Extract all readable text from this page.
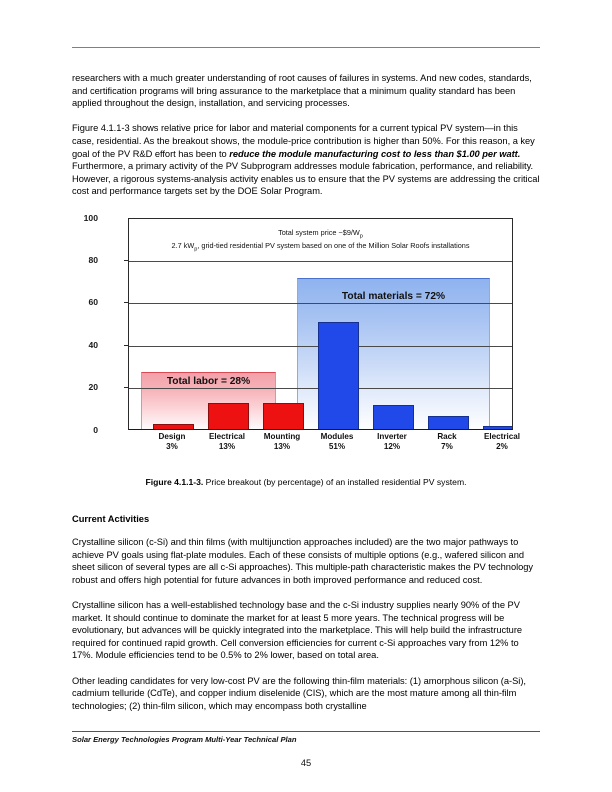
researchers with a much greater understanding of root causes of failures in systems. And new codes, standards, and certification programs will bring assurance to the marketplace that a minimum quality standard has been applied throughout the design, installation, and servicing processes.

Figure 4.1.1-3 shows relative price for labor and material components for a current typical PV system—in this case, residential. As the breakout shows, the module-price contribution is higher than 50%. For this reason, a key goal of the PV R&D effort has been to reduce the module manufacturing cost to less than $1.00 per watt. Furthermore, a primary activity of the PV Subprogram addresses module fabrication, performance, and reliability. However, a rigorous systems-analysis activity enables us to ensure that the PV systems are addressing the critical cost and performance targets set by the DOE Solar Program.

100
80
60
40
20
0
Total labor = 28%
Total materials = 72%
Total system price $\sim\$9/W_p$
2.7 $kW_p$, grid-tied residential PV system based on one of the Million Solar Roofs installations
Design
3%
Electrical
13%
Mounting
13%
Modules
51%
Inverter
12%
Rack
7%
Electrical
2%
Figure 4.1.1-3. Price breakout (by percentage) of an installed residential PV system.
Current Activities

Crystalline silicon (c-Si) and thin films (with multijunction approaches included) are the two major pathways to achieve PV goals using flat-plate modules. Each of these consists of multiple options (e.g., wafered silicon and sheet silicon of several types are all c-Si approaches). This multiple-path characteristic makes the PV technology robust and offers high potential for future advances in both improved performance and reduced cost.

Crystalline silicon has a well-established technology base and the c-Si industry supplies nearly 90% of the PV market. It should continue to dominate the market for at least 5 more years. The technical progress will be evolutionary, but advances will be quickly integrated into the marketplace. This will help build the infrastructure required for continued rapid growth. Cell conversion efficiencies for current c-Si approaches vary from 12% to 17%. Module efficiencies tend to be 0.5% to 2% lower, based on total area.

Other leading candidates for very low-cost PV are the following thin-film materials: (1) amorphous silicon (a-Si), cadmium telluride (CdTe), and copper indium diselenide (CIS), which are the most mature among all thin-film technologies; (2) thin-film silicon, which may encompass both crystalline

Solar Energy Technologies Program Multi-Year Technical Plan
45
